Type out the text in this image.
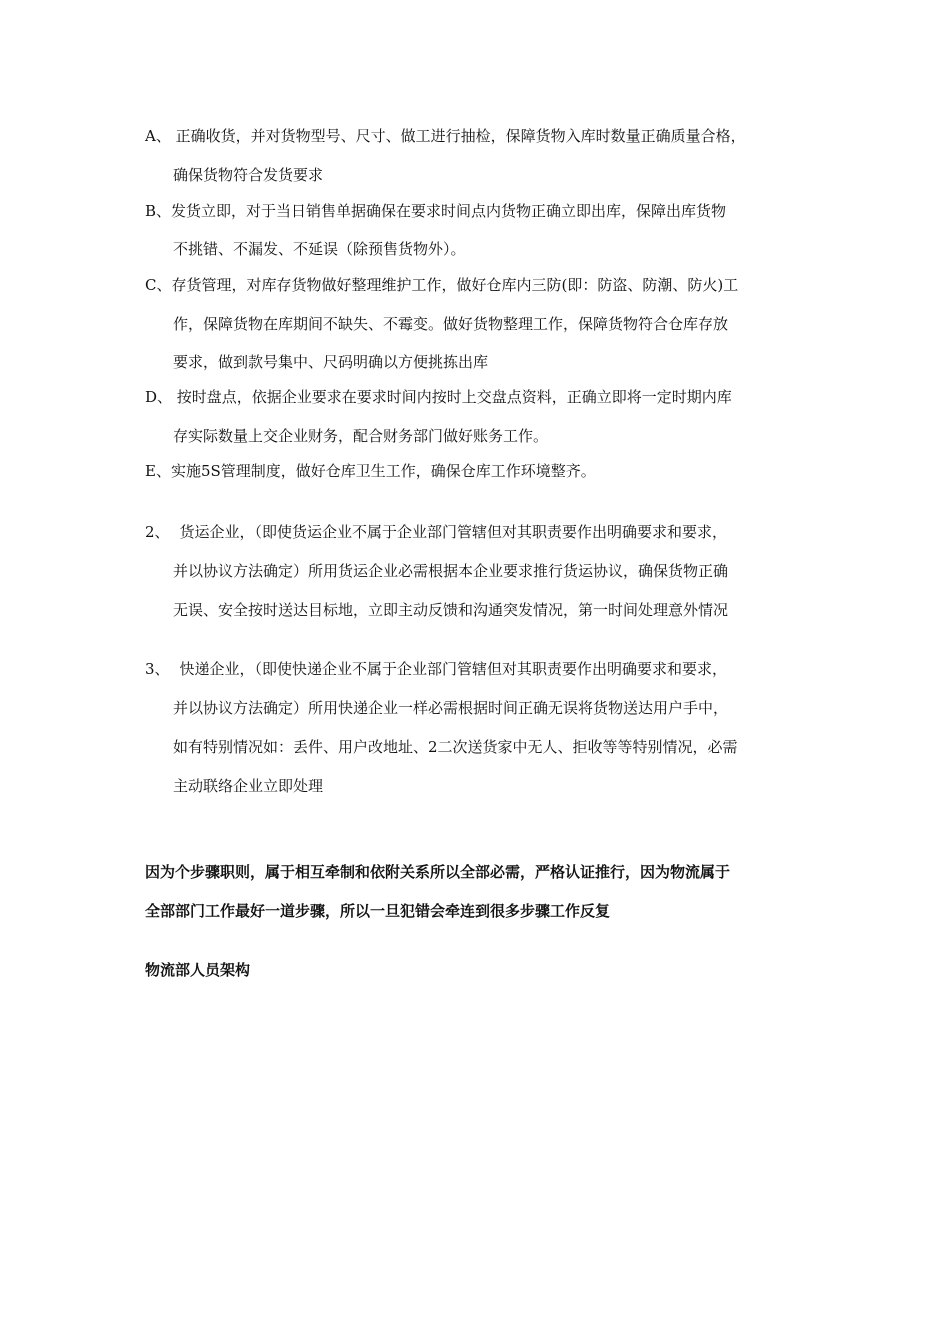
A、 正确收货，并对货物型号、尺寸、做工进行抽检，保障货物入库时数量正确质量合格，
确保货物符合发货要求
B、发货立即，对于当日销售单据确保在要求时间点内货物正确立即出库，保障出库货物
不挑错、不漏发、不延误（除预售货物外）。
C、存货管理，对库存货物做好整理维护工作，做好仓库内三防(即：防盗、防潮、防火)工
作，保障货物在库期间不缺失、不霉变。做好货物整理工作，保障货物符合仓库存放
要求，做到款号集中、尺码明确以方便挑拣出库
D、 按时盘点，依据企业要求在要求时间内按时上交盘点资料，正确立即将一定时期内库
存实际数量上交企业财务，配合财务部门做好账务工作。
E、实施5S管理制度，做好仓库卫生工作，确保仓库工作环境整齐。
2、 货运企业，（即使货运企业不属于企业部门管辖但对其职责要作出明确要求和要求，
并以协议方法确定）所用货运企业必需根据本企业要求推行货运协议，确保货物正确
无误、安全按时送达目标地，立即主动反馈和沟通突发情况，第一时间处理意外情况
3、 快递企业，（即使快递企业不属于企业部门管辖但对其职责要作出明确要求和要求，
并以协议方法确定）所用快递企业一样必需根据时间正确无误将货物送达用户手中，
如有特别情况如：丢件、用户改地址、2二次送货家中无人、拒收等等特别情况，必需
主动联络企业立即处理
因为个步骤职则，属于相互牵制和依附关系所以全部必需，严格认证推行，因为物流属于
全部部门工作最好一道步骤，所以一旦犯错会牵连到很多步骤工作反复
物流部人员架构
